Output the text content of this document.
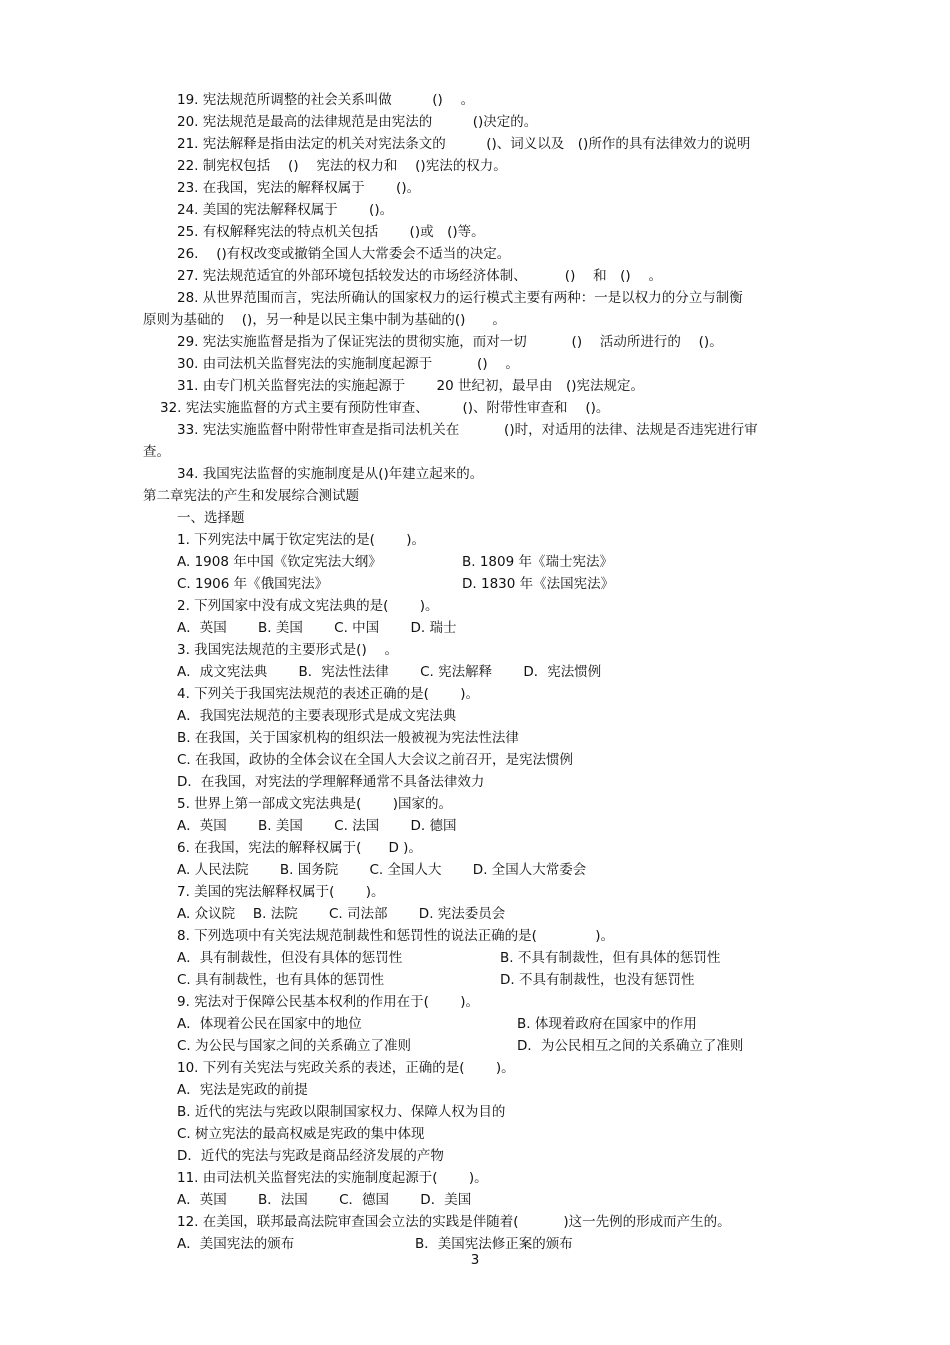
19. 宪法规范所调整的社会关系叫做　　　()　 。
20. 宪法规范是最高的法律规范是由宪法的　　　()决定的。
21. 宪法解释是指由法定的机关对宪法条文的　　　()、词义以及　()所作的具有法律效力的说明
22. 制宪权包括　 ()　 宪法的权力和　 ()宪法的权力。
23. 在我国，宪法的解释权属于　　 ()。
24. 美国的宪法解释权属于　　 ()。
25. 有权解释宪法的特点机关包括　　 ()或　()等。
26. 　()有权改变或撤销全国人大常委会不适当的决定。
27. 宪法规范适宜的外部环境包括较发达的市场经济体制、　　　 ()　 和　()　 。
28. 从世界范围而言，宪法所确认的国家权力的运行模式主要有两种：一是以权力的分立与制衡
原则为基础的　 ()，另一种是以民主集中制为基础的()　　。
29. 宪法实施监督是指为了保证宪法的贯彻实施，而对一切　　　 ()　 活动所进行的　 ()。
30. 由司法机关监督宪法的实施制度起源于　　　 ()　 。
31. 由专门机关监督宪法的实施起源于　　 20 世纪初，最早由　()宪法规定。
32. 宪法实施监督的方式主要有预防性审查、　　　()、附带性审查和　 ()。
33. 宪法实施监督中附带性审查是指司法机关在　　　 ()时，对适用的法律、法规是否违宪进行审
查。
34. 我国宪法监督的实施制度是从()年建立起来的。
第二章宪法的产生和发展综合测试题
一、选择题
1. 下列宪法中属于钦定宪法的是(　　 )。
A. 1908 年中国《钦定宪法大纲》	B. 1809 年《瑞士宪法》
C. 1906 年《俄国宪法》	D. 1830 年《法国宪法》
2. 下列国家中没有成文宪法典的是(　　 )。
A．英国　　 B. 美国　　 C. 中国　　 D. 瑞士
3. 我国宪法规范的主要形式是()　 。
A．成文宪法典　　 B．宪法性法律　　 C. 宪法解释　　 D．宪法惯例
4. 下列关于我国宪法规范的表述正确的是(　　 )。
A．我国宪法规范的主要表现形式是成文宪法典
B. 在我国，关于国家机构的组织法一般被视为宪法性法律
C. 在我国，政协的全体会议在全国人大会议之前召开，是宪法惯例
D．在我国，对宪法的学理解释通常不具备法律效力
5. 世界上第一部成文宪法典是(　　 )国家的。
A．英国　　 B. 美国　　 C. 法国　　 D. 德国
6. 在我国，宪法的解释权属于(　　D )。
A. 人民法院　　 B. 国务院　　 C. 全国人大　　 D. 全国人大常委会
7. 美国的宪法解释权属于(　　 )。
A. 众议院　 B. 法院　　 C. 司法部　　 D. 宪法委员会
8. 下列选项中有关宪法规范制裁性和惩罚性的说法正确的是(　　　　 )。
A．具有制裁性，但没有具体的惩罚性	B. 不具有制裁性，但有具体的惩罚性
C. 具有制裁性，也有具体的惩罚性	D. 不具有制裁性，也没有惩罚性
9. 宪法对于保障公民基本权利的作用在于(　　 )。
A．体现着公民在国家中的地位	B. 体现着政府在国家中的作用
C. 为公民与国家之间的关系确立了准则	D．为公民相互之间的关系确立了准则
10. 下列有关宪法与宪政关系的表述，正确的是(　　 )。
A．宪法是宪政的前提
B. 近代的宪法与宪政以限制国家权力、保障人权为目的
C. 树立宪法的最高权威是宪政的集中体现
D．近代的宪法与宪政是商品经济发展的产物
11. 由司法机关监督宪法的实施制度起源于(　　 )。
A．英国　　 B．法国　　 C．德国　　 D．美国
12. 在美国，联邦最高法院审查国会立法的实践是伴随着(　　　 )这一先例的形成而产生的。
A．美国宪法的颁布	B．美国宪法修正案的颁布
3
